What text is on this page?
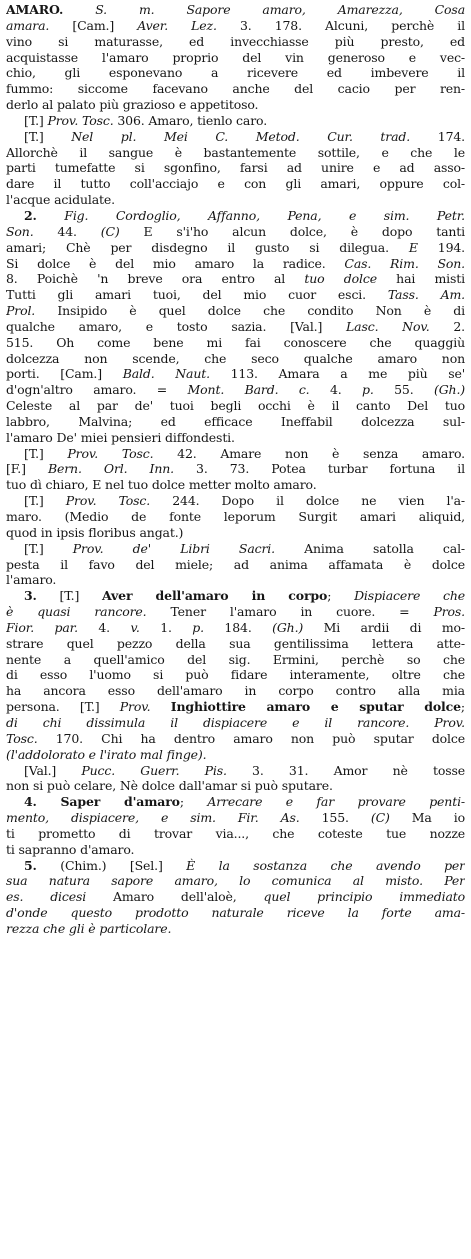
AMARO.	S. m. Sapore amaro, Amarezza, Cosa
amara. [Cam.] Aver. Lez. 3. 178. Alcuni, perchè il
vino si maturasse, ed invecchiasse più presto, ed
acquistasse l'amaro proprio del vin generoso e vec-
chio, gli esponevano a ricevere ed imbevere il
fummo: siccome facevano anche del cacio per ren-
derlo al palato più grazioso e appetitoso.
[T.] Prov. Tosc. 306. Amaro, tienlo caro.
[T.] Nel pl. Mei C. Metod. Cur. trad. 174.
Allorchè il sangue è bastantemente sottile, e che le
parti tumefatte si sgonfino, farsi ad unire e ad asso-
dare il tutto coll'acciajo e con gli amari, oppure col-
l'acque acidulate.
2. Fig. Cordoglio, Affanno, Pena, e sim. Petr.
Son. 44. (C) E s'i'ho alcun dolce, è dopo tanti
amari; Chè per disdegno il gusto si dilegua. E 194.
Si dolce è del mio amaro la radice. Cas. Rim. Son.
8. Poichè 'n breve ora entro al tuo dolce hai misti
Tutti gli amari tuoi, del mio cuor esci. Tass. Am.
Prol. Insipido è quel dolce che condito Non è di
qualche amaro, e tosto sazia. [Val.] Lasc. Nov. 2.
515. Oh come bene mi fai conoscere che quaggiù
dolcezza non scende, che seco qualche amaro non
porti. [Cam.] Bald. Naut. 113. Amara a me più se'
d'ogn'altro amaro. = Mont. Bard. c. 4. p. 55. (Gh.)
Celeste al par de' tuoi begli occhi è il canto Del tuo
labbro, Malvina; ed efficace Ineffabil dolcezza sul-
l'amaro De' miei pensieri diffondesti.
[T.] Prov. Tosc. 42. Amare non è senza amaro.
[F.] Bern. Orl. Inn. 3. 73. Potea turbar fortuna il
tuo dì chiaro, E nel tuo dolce metter molto amaro.
[T.] Prov. Tosc. 244. Dopo il dolce ne vien l'a-
maro. (Medio de fonte leporum Surgit amari aliquid,
quod in ipsis floribus angat.)
[T.] Prov. de' Libri Sacri. Anima satolla cal-
pesta il favo del miele; ad anima affamata è dolce
l'amaro.
3. [T.] Aver dell'amaro in corpo; Dispiacere che
è quasi rancore. Tener l'amaro in cuore. = Pros.
Fior. par. 4. v. 1. p. 184. (Gh.) Mi ardii di mo-
strare quel pezzo della sua gentilissima lettera atte-
nente a quell'amico del sig. Ermini, perchè so che
di esso l'uomo si può fidare interamente, oltre che
ha ancora esso dell'amaro in corpo contro alla mia
persona. [T.] Prov. Inghiottire amaro e sputar dolce;
di chi dissimula il dispiacere e il rancore. Prov.
Tosc. 170. Chi ha dentro amaro non può sputar dolce
(l'addolorato e l'irato mal finge).
[Val.] Pucc. Guerr. Pis. 3. 31. Amor nè tosse
non si può celare, Nè dolce dall'amar si può sputare.
4. Saper d'amaro; Arrecare e far provare penti-
mento, dispiacere, e sim. Fir. As. 155. (C) Ma io
ti prometto di trovar via..., che coteste tue nozze
ti sapranno d'amaro.
5. (Chim.) [Sel.] È la sostanza che avendo per
sua natura sapore amaro, lo comunica al misto. Per
es. dicesi Amaro dell'aloè, quel principio immediato
d'onde questo prodotto naturale riceve la forte ama-
rezza che gli è particolare.
